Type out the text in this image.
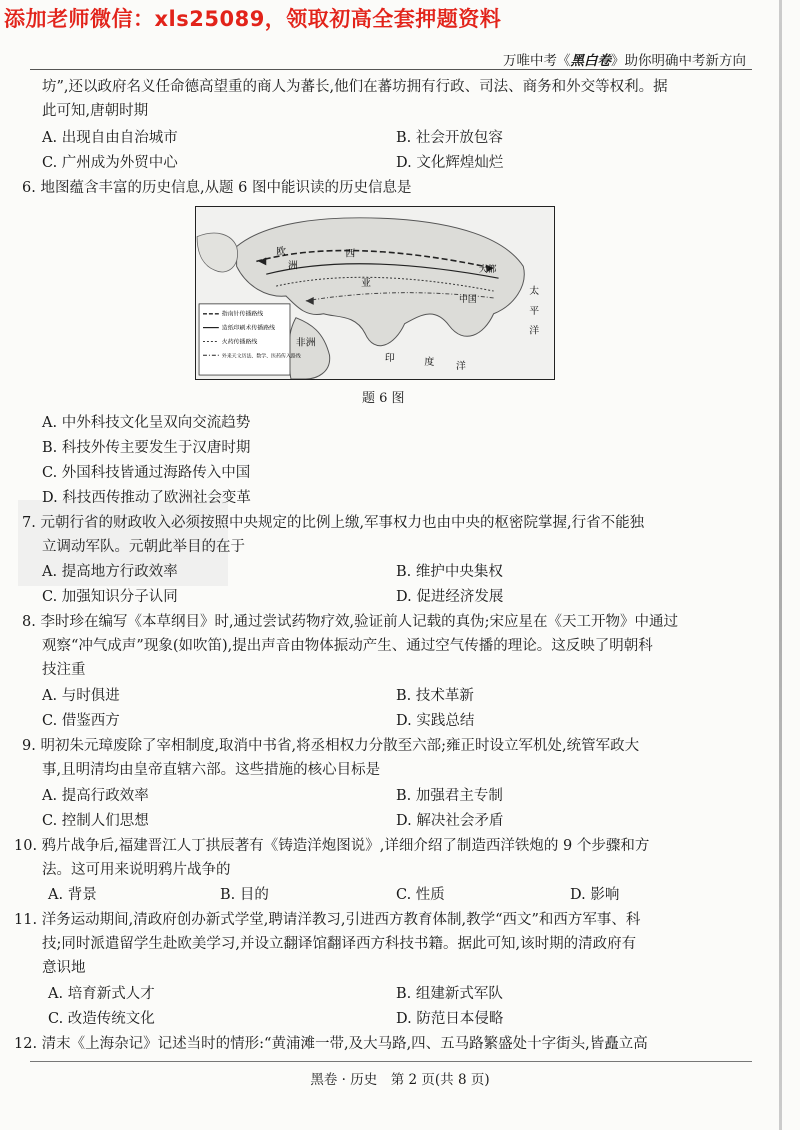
添加老师微信：xls25089，领取初高全套押题资料
万唯中考《黑白卷》助你明确中考新方向
坊”,还以政府名义任命德高望重的商人为蕃长,他们在蕃坊拥有行政、司法、商务和外交等权利。据
此可知,唐朝时期
A. 出现自由自治城市	B. 社会开放包容
C. 广州成为外贸中心	D. 文化辉煌灿烂
6. 地图蕴含丰富的历史信息,从题 6 图中能识读的历史信息是
指南针传播路线
造纸印刷术传播路线
火药传播路线
外来天文历法、数学、医药传入路线
欧
洲
西
亚
大都
中国
太
平
洋
非洲
印	度 洋
题 6 图
A. 中外科技文化呈双向交流趋势
B. 科技外传主要发生于汉唐时期
C. 外国科技皆通过海路传入中国
D. 科技西传推动了欧洲社会变革
7. 元朝行省的财政收入必须按照中央规定的比例上缴,军事权力也由中央的枢密院掌握,行省不能独
立调动军队。元朝此举目的在于
A. 提高地方行政效率	B. 维护中央集权
C. 加强知识分子认同	D. 促进经济发展
8. 李时珍在编写《本草纲目》时,通过尝试药物疗效,验证前人记载的真伪;宋应星在《天工开物》中通过
观察“冲气成声”现象(如吹笛),提出声音由物体振动产生、通过空气传播的理论。这反映了明朝科
技注重
A. 与时俱进	B. 技术革新
C. 借鉴西方	D. 实践总结
9. 明初朱元璋废除了宰相制度,取消中书省,将丞相权力分散至六部;雍正时设立军机处,统管军政大
事,且明清均由皇帝直辖六部。这些措施的核心目标是
A. 提高行政效率	B. 加强君主专制
C. 控制人们思想	D. 解决社会矛盾
10. 鸦片战争后,福建晋江人丁拱辰著有《铸造洋炮图说》,详细介绍了制造西洋铁炮的 9 个步骤和方
法。这可用来说明鸦片战争的
A. 背景	B. 目的	C. 性质	D. 影响
11. 洋务运动期间,清政府创办新式学堂,聘请洋教习,引进西方教育体制,教学“西文”和西方军事、科
技;同时派遣留学生赴欧美学习,并设立翻译馆翻译西方科技书籍。据此可知,该时期的清政府有
意识地
A. 培育新式人才	B. 组建新式军队
C. 改造传统文化	D. 防范日本侵略
12. 清末《上海杂记》记述当时的情形:“黄浦滩一带,及大马路,四、五马路繁盛处十字街头,皆矗立高
黑卷 · 历史　第 2 页(共 8 页)
